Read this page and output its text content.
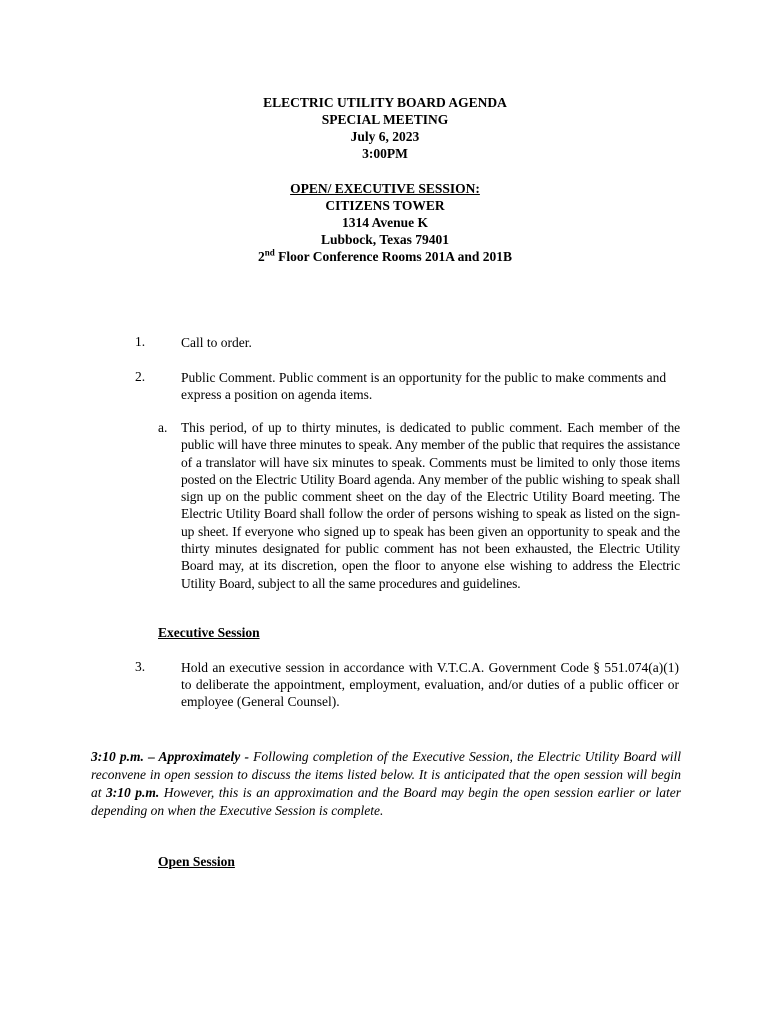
ELECTRIC UTILITY BOARD AGENDA
SPECIAL MEETING
July 6, 2023
3:00PM
OPEN/ EXECUTIVE SESSION:
CITIZENS TOWER
1314 Avenue K
Lubbock, Texas 79401
2nd Floor Conference Rooms 201A and 201B
1.	Call to order.
2.	Public Comment. Public comment is an opportunity for the public to make comments and express a position on agenda items.
a. This period, of up to thirty minutes, is dedicated to public comment. Each member of the public will have three minutes to speak. Any member of the public that requires the assistance of a translator will have six minutes to speak. Comments must be limited to only those items posted on the Electric Utility Board agenda. Any member of the public wishing to speak shall sign up on the public comment sheet on the day of the Electric Utility Board meeting. The Electric Utility Board shall follow the order of persons wishing to speak as listed on the sign-up sheet. If everyone who signed up to speak has been given an opportunity to speak and the thirty minutes designated for public comment has not been exhausted, the Electric Utility Board may, at its discretion, open the floor to anyone else wishing to address the Electric Utility Board, subject to all the same procedures and guidelines.
Executive Session
3.	Hold an executive session in accordance with V.T.C.A. Government Code § 551.074(a)(1) to deliberate the appointment, employment, evaluation, and/or duties of a public officer or employee (General Counsel).
3:10 p.m. – Approximately - Following completion of the Executive Session, the Electric Utility Board will reconvene in open session to discuss the items listed below. It is anticipated that the open session will begin at 3:10 p.m. However, this is an approximation and the Board may begin the open session earlier or later depending on when the Executive Session is complete.
Open Session
